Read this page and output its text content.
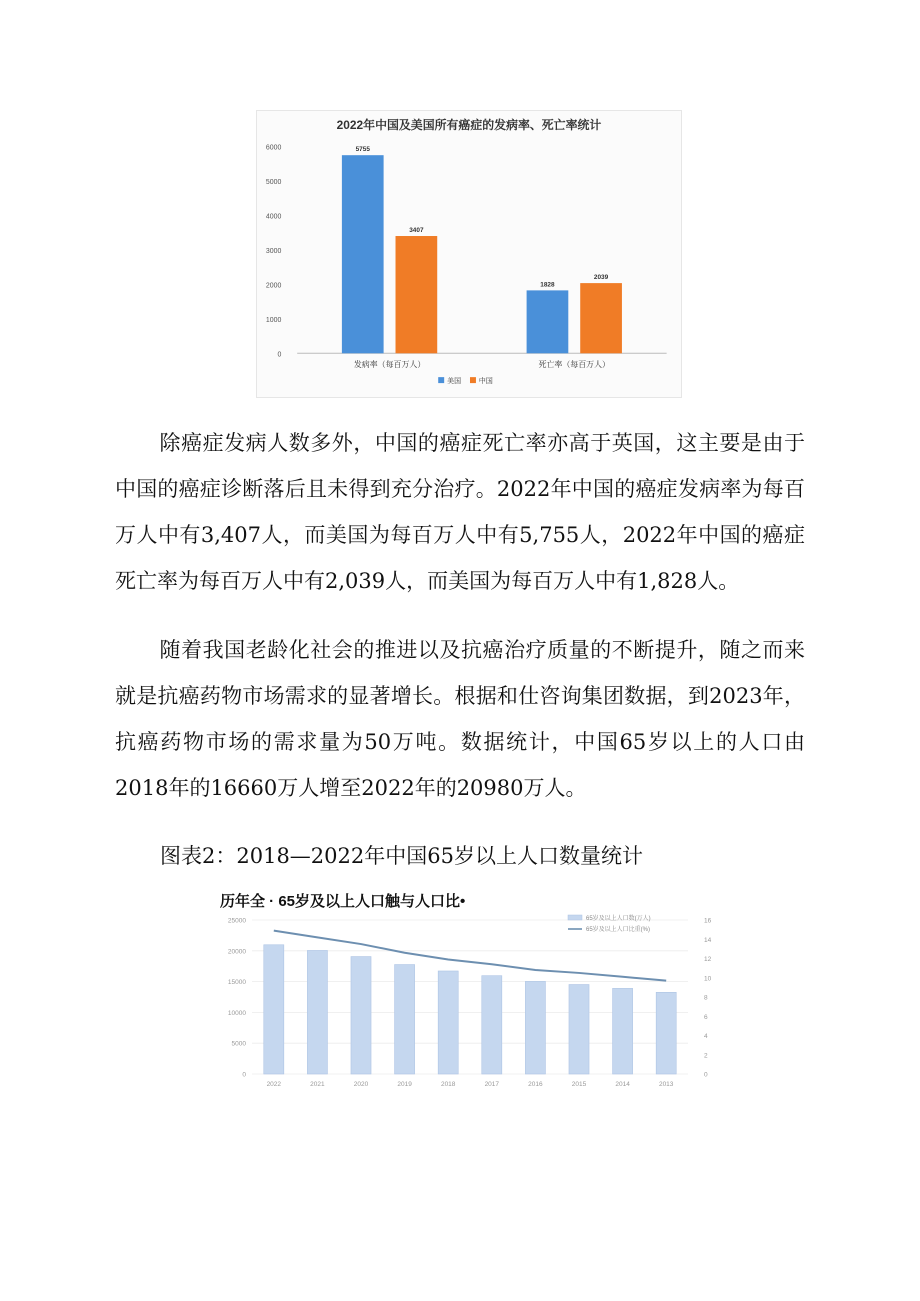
2022年中国及美国所有癌症的发病率、死亡率统计
0
1000
2000
3000
4000
5000
6000	5755
3407
发病率（每百万人）
1828
2039
死亡率（每百万人）
美国	中国

除癌症发病人数多外，中国的癌症死亡率亦高于英国，这主要是由于中国的癌症诊断落后且未得到充分治疗。2022年中国的癌症发病率为每百万人中有3,407人，而美国为每百万人中有5,755人，2022年中国的癌症死亡率为每百万人中有2,039人，而美国为每百万人中有1,828人。

随着我国老龄化社会的推进以及抗癌治疗质量的不断提升，随之而来就是抗癌药物市场需求的显著增长。根据和仕咨询集团数据，到2023年，抗癌药物市场的需求量为50万吨。数据统计，中国65岁以上的人口由2018年的16660万人增至2022年的20980万人。

图表2：2018—2022年中国65岁以上人口数量统计

历年全 · 65岁及以上人口触与人口比•
0
5000
10000
15000
20000
25000
0
2
4
6
8
10
12
14
16
2022	2021	2020	2019	2018	2017	2016	2015	2014	2013
65岁及以上人口数(万人)
65岁及以上人口比重(%)
